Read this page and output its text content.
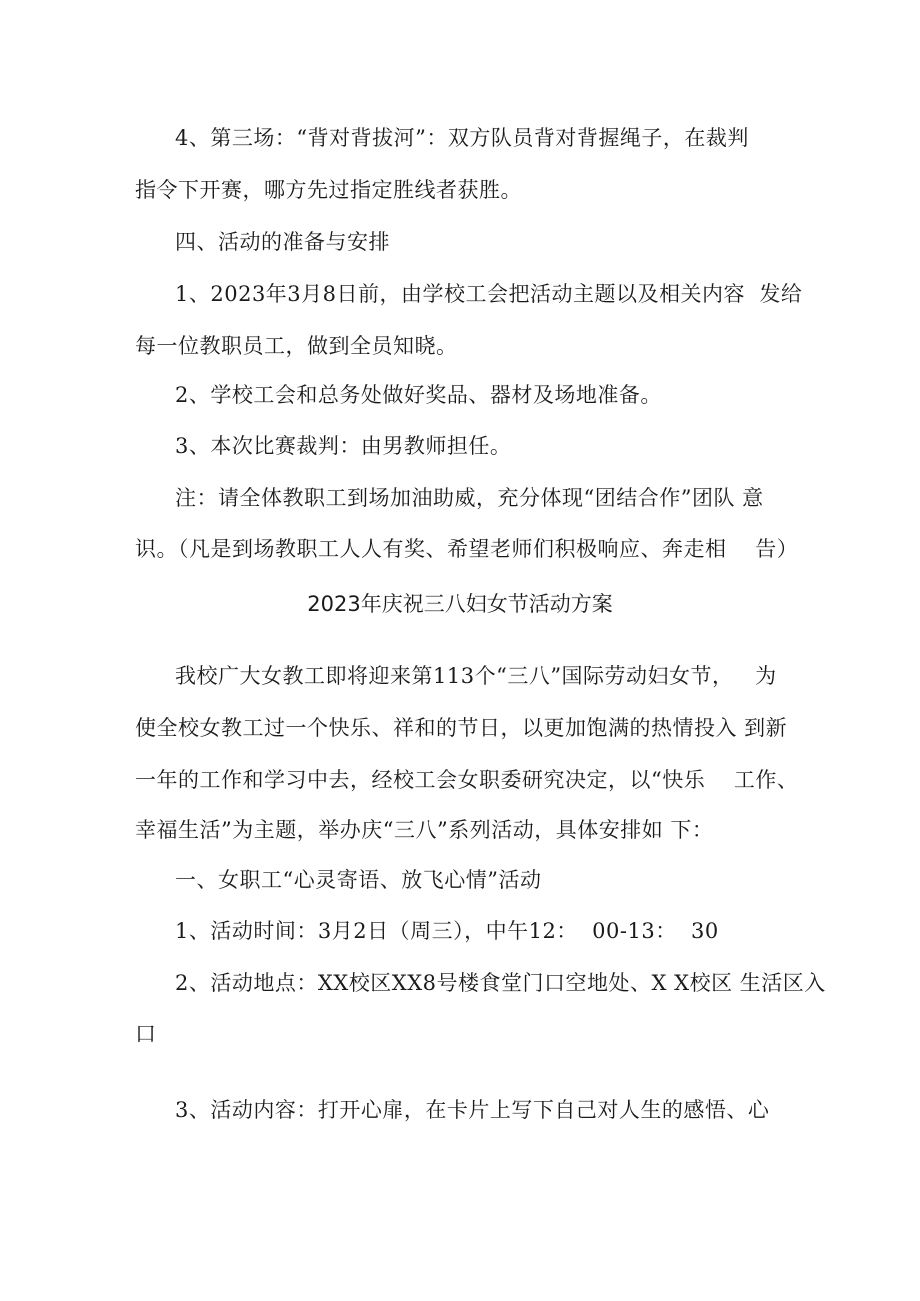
4、第三场：“背对背拔河”：双方队员背对背握绳子，在裁判
指令下开赛，哪方先过指定胜线者获胜。
四、活动的准备与安排
1、2023年3月8日前，由学校工会把活动主题以及相关内容  发给
每一位教职员工，做到全员知晓。
2、学校工会和总务处做好奖品、器材及场地准备。
3、本次比赛裁判：由男教师担任。
注：请全体教职工到场加油助威，充分体现“团结合作”团队 意
识。（凡是到场教职工人人有奖、希望老师们积极响应、奔走相    告）
2023年庆祝三八妇女节活动方案
我校广大女教工即将迎来第113个“三八”国际劳动妇女节，   为
使全校女教工过一个快乐、祥和的节日，以更加饱满的热情投入 到新
一年的工作和学习中去，经校工会女职委研究决定，以“快乐    工作、
幸福生活”为主题，举办庆“三八”系列活动，具体安排如 下：
一、女职工“心灵寄语、放飞心情”活动
1、活动时间：3月2日（周三），中午12：  00-13：  30
2、活动地点：XX校区XX8号楼食堂门口空地处、X X校区 生活区入
口
3、活动内容：打开心扉，在卡片上写下自己对人生的感悟、心
